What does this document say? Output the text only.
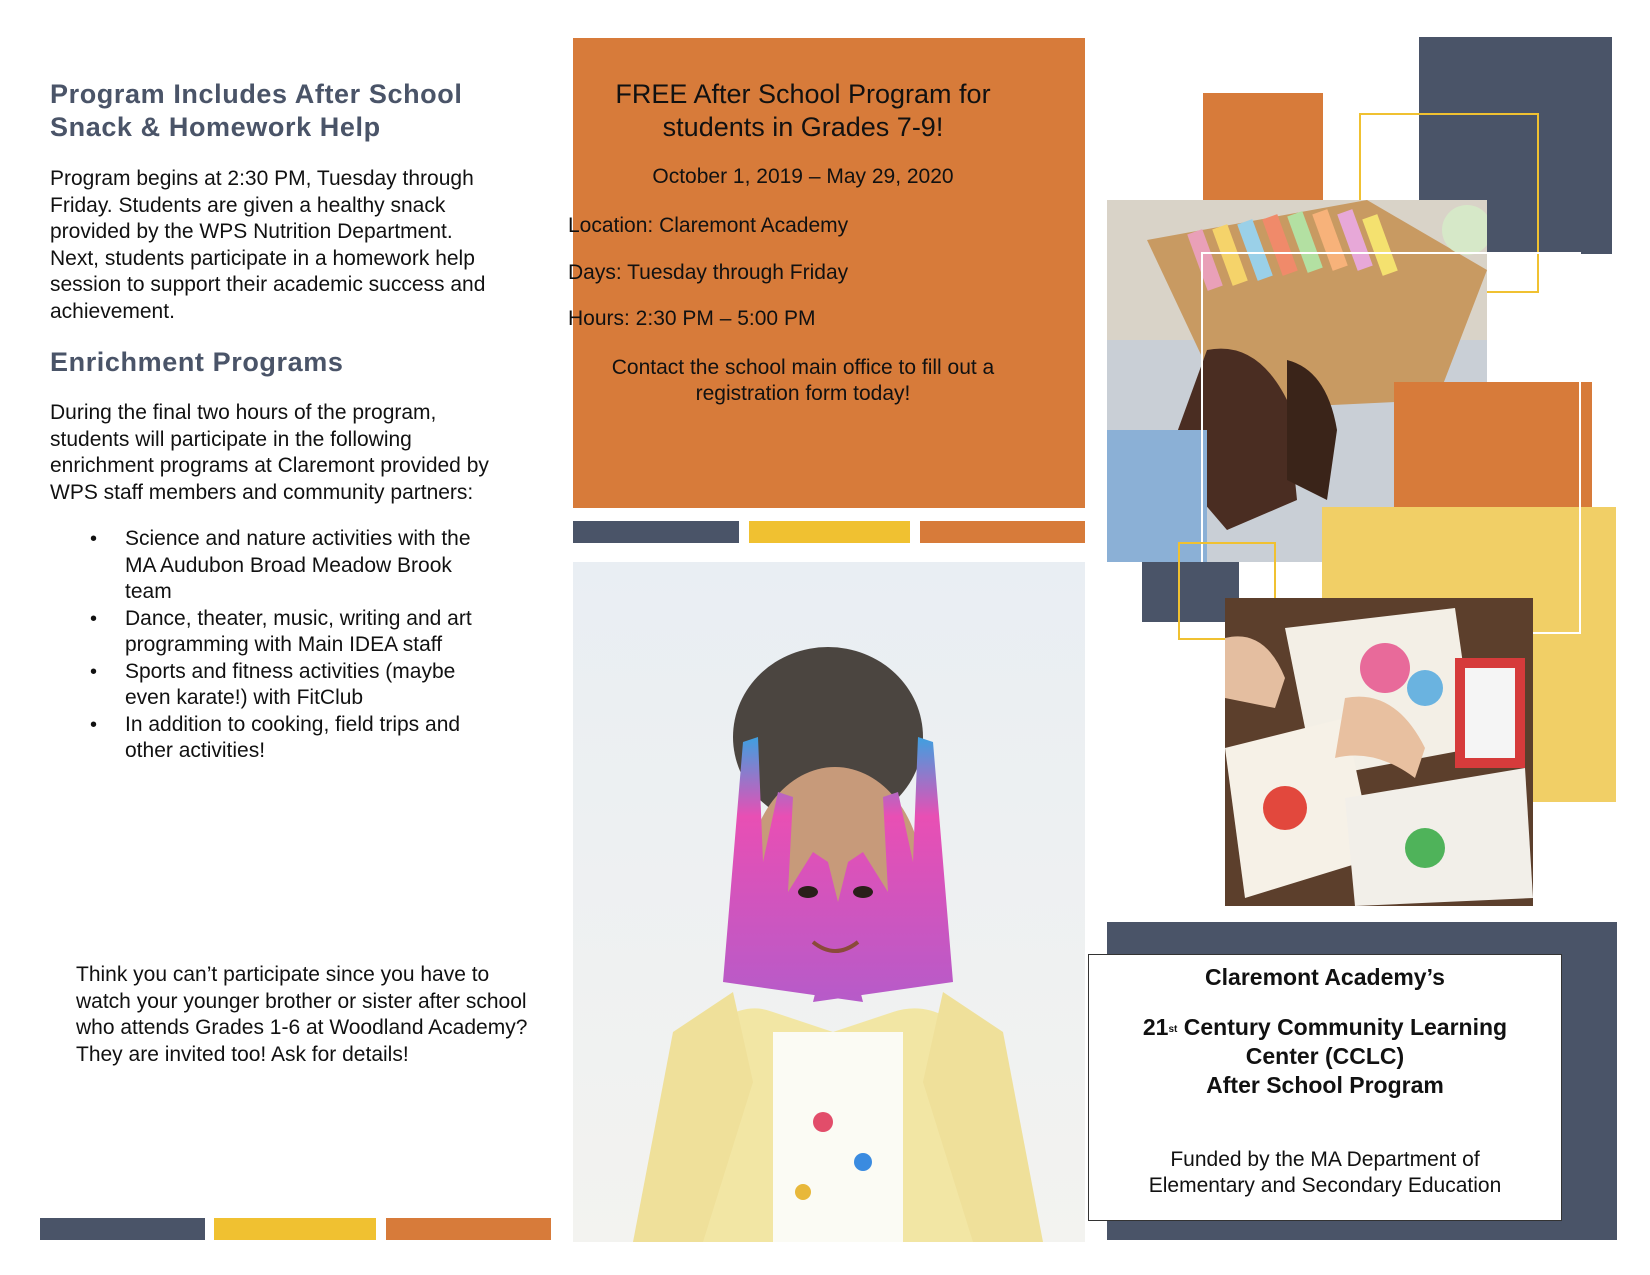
Program Includes After School Snack & Homework Help

Program begins at 2:30 PM, Tuesday through Friday. Students are given a healthy snack provided by the WPS Nutrition Department. Next, students participate in a homework help session to support their academic success and achievement.

Enrichment Programs

During the final two hours of the program, students will participate in the following enrichment programs at Claremont provided by WPS staff members and community partners:

• Science and nature activities with the MA Audubon Broad Meadow Brook team
• Dance, theater, music, writing and art programming with Main IDEA staff
• Sports and fitness activities (maybe even karate!) with FitClub
• In addition to cooking, field trips and other activities!

Think you can’t participate since you have to watch your younger brother or sister after school who attends Grades 1-6 at Woodland Academy? They are invited too! Ask for details!

FREE After School Program for students in Grades 7-9!
October 1, 2019 – May 29, 2020
Location: Claremont Academy
Days: Tuesday through Friday
Hours: 2:30 PM – 5:00 PM
Contact the school main office to fill out a registration form today!
Claremont Academy’s
21st Century Community Learning
Center (CCLC)
After School Program
Funded by the MA Department of Elementary and Secondary Education
